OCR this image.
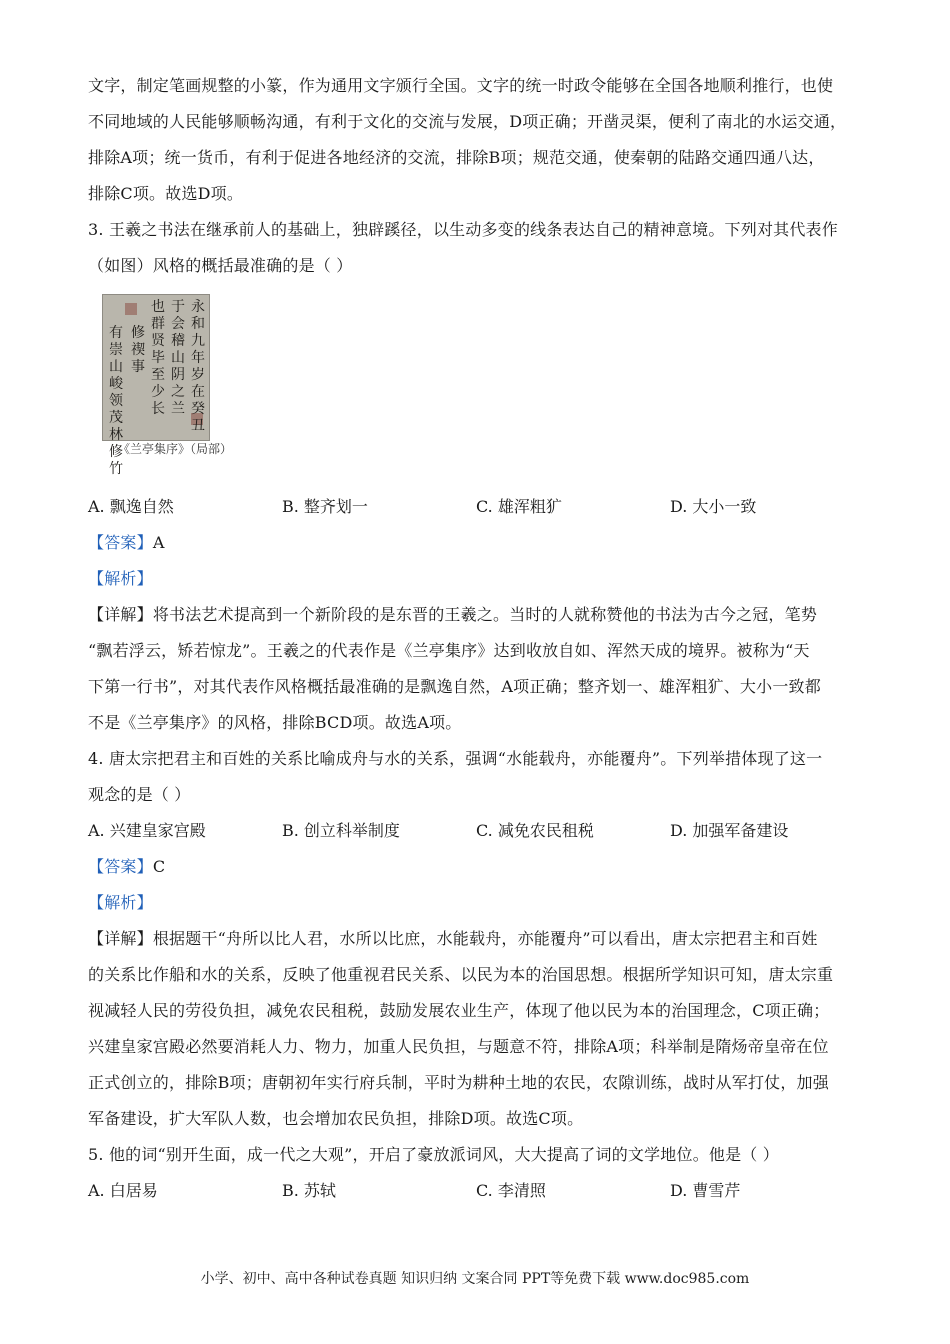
文字，制定笔画规整的小篆，作为通用文字颁行全国。文字的统一时政令能够在全国各地顺利推行，也使
不同地域的人民能够顺畅沟通，有利于文化的交流与发展，D项正确；开凿灵渠，便利了南北的水运交通，
排除A项；统一货币，有利于促进各地经济的交流，排除B项；规范交通，使秦朝的陆路交通四通八达，
排除C项。故选D项。
3. 王羲之书法在继承前人的基础上，独辟蹊径，以生动多变的线条表达自己的精神意境。下列对其代表作
（如图）风格的概括最准确的是（ ）
永和九年岁在癸丑
于会稽山阴之兰
也群贤毕至少长
修禊事
有崇山峻领茂林修竹
《兰亭集序》（局部）
A. 飘逸自然	B. 整齐划一	C. 雄浑粗犷	D. 大小一致
【答案】A
【解析】
【详解】将书法艺术提高到一个新阶段的是东晋的王羲之。当时的人就称赞他的书法为古今之冠，笔势
“飘若浮云，矫若惊龙”。王羲之的代表作是《兰亭集序》达到收放自如、浑然天成的境界。被称为“天
下第一行书”，对其代表作风格概括最准确的是飘逸自然，A项正确；整齐划一、雄浑粗犷、大小一致都
不是《兰亭集序》的风格，排除BCD项。故选A项。
4. 唐太宗把君主和百姓的关系比喻成舟与水的关系，强调“水能载舟，亦能覆舟”。下列举措体现了这一
观念的是（ ）
A. 兴建皇家宫殿	B. 创立科举制度	C. 减免农民租税	D. 加强军备建设
【答案】C
【解析】
【详解】根据题干“舟所以比人君，水所以比庶，水能载舟，亦能覆舟”可以看出，唐太宗把君主和百姓
的关系比作船和水的关系，反映了他重视君民关系、以民为本的治国思想。根据所学知识可知，唐太宗重
视减轻人民的劳役负担，减免农民租税，鼓励发展农业生产，体现了他以民为本的治国理念，C项正确；
兴建皇家宫殿必然要消耗人力、物力，加重人民负担，与题意不符，排除A项；科举制是隋炀帝皇帝在位
正式创立的，排除B项；唐朝初年实行府兵制，平时为耕种土地的农民，农隙训练，战时从军打仗，加强
军备建设，扩大军队人数，也会增加农民负担，排除D项。故选C项。
5. 他的词“别开生面，成一代之大观”，开启了豪放派词风，大大提高了词的文学地位。他是（ ）
A. 白居易	B. 苏轼	C. 李清照	D. 曹雪芹
小学、初中、高中各种试卷真题 知识归纳 文案合同 PPT等免费下载 www.doc985.com
